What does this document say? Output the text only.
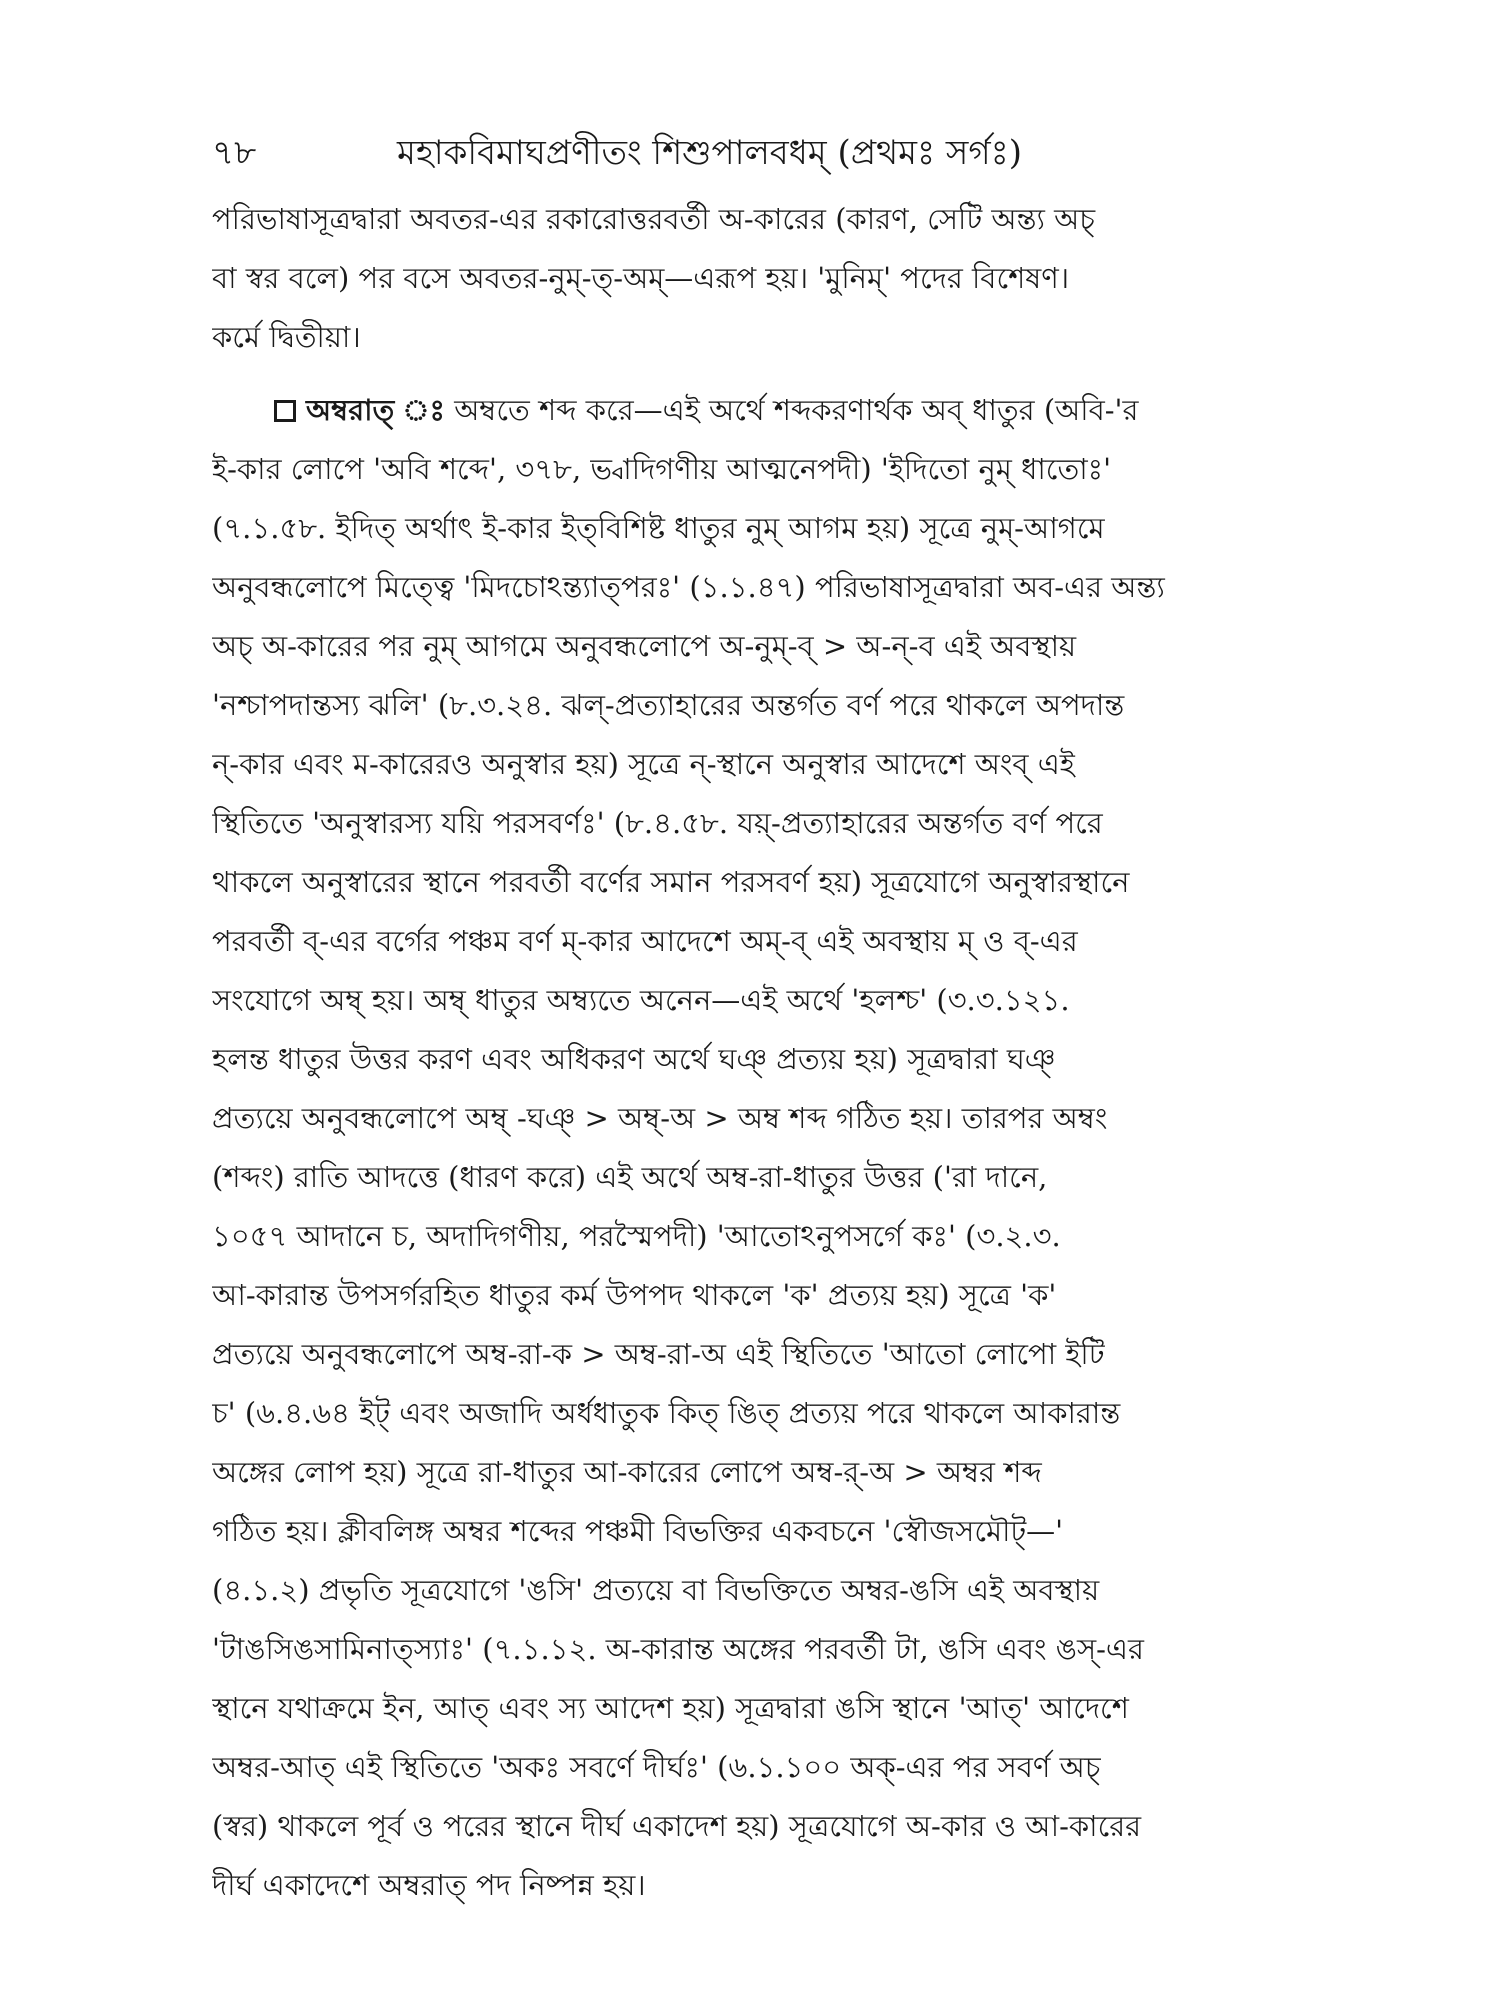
৭৮	মহাকবিমাঘপ্রণীতং শিশুপালবধম্ (প্রথমঃ সর্গঃ)
পরিভাষাসূত্রদ্বারা অবতর-এর রকারোত্তরবর্তী অ-কারের (কারণ, সেটি অন্ত্য অচ্
বা স্বর বলে) পর বসে অবতর-নুম্-ত্-অম্—এরূপ হয়। 'মুনিম্' পদের বিশেষণ।
কর্মে দ্বিতীয়া।
অম্বরাত্ ঃ অম্বতে শব্দ করে—এই অর্থে শব্দকরণার্থক অব্ ধাতুর (অবি-'র
ই-কার লোপে 'অবি শব্দে', ৩৭৮, ভ্বাদিগণীয় আত্মনেপদী) 'ইদিতো নুম্ ধাতোঃ'
(৭.১.৫৮. ইদিত্ অর্থাৎ ই-কার ইত্‌বিশিষ্ট ধাতুর নুম্ আগম হয়) সূত্রে নুম্-আগমে
অনুবন্ধলোপে মিত্ত্বে 'মিদচোঽন্ত্যাত্‌পরঃ' (১.১.৪৭) পরিভাষাসূত্রদ্বারা অব-এর অন্ত্য
অচ্ অ-কারের পর নুম্ আগমে অনুবন্ধলোপে অ-নুম্-ব্ > অ-ন্-ব এই অবস্থায়
'নশ্চাপদান্তস্য ঝলি' (৮.৩.২৪. ঝল্-প্রত্যাহারের অন্তর্গত বর্ণ পরে থাকলে অপদান্ত
ন্-কার এবং ম-কারেরও অনুস্বার হয়) সূত্রে ন্-স্থানে অনুস্বার আদেশে অংব্ এই
স্থিতিতে 'অনুস্বারস্য যয়ি পরসবর্ণঃ' (৮.৪.৫৮. যয়্-প্রত্যাহারের অন্তর্গত বর্ণ পরে
থাকলে অনুস্বারের স্থানে পরবর্তী বর্ণের সমান পরসবর্ণ হয়) সূত্রযোগে অনুস্বারস্থানে
পরবর্তী ব্-এর বর্গের পঞ্চম বর্ণ ম্-কার আদেশে অম্-ব্ এই অবস্থায় ম্ ও ব্-এর
সংযোগে অম্ব্ হয়। অম্ব্ ধাতুর অম্ব্যতে অনেন—এই অর্থে 'হলশ্চ' (৩.৩.১২১.
হলন্ত ধাতুর উত্তর করণ এবং অধিকরণ অর্থে ঘঞ্ প্রত্যয় হয়) সূত্রদ্বারা ঘঞ্
প্রত্যয়ে অনুবন্ধলোপে অম্ব্ -ঘঞ্ > অম্ব্-অ > অম্ব শব্দ গঠিত হয়। তারপর অম্বং
(শব্দং) রাতি আদত্তে (ধারণ করে) এই অর্থে অম্ব-রা-ধাতুর উত্তর ('রা দানে,
১০৫৭ আদানে চ, অদাদিগণীয়, পরস্মৈপদী) 'আতোঽনুপসর্গে কঃ' (৩.২.৩.
আ-কারান্ত উপসর্গরহিত ধাতুর কর্ম উপপদ থাকলে 'ক' প্রত্যয় হয়) সূত্রে 'ক'
প্রত্যয়ে অনুবন্ধলোপে অম্ব-রা-ক > অম্ব-রা-অ এই স্থিতিতে 'আতো লোপো ইটি
চ' (৬.৪.৬৪ ইট্ এবং অজাদি অর্ধধাতুক কিত্ ঙিত্ প্রত্যয় পরে থাকলে আকারান্ত
অঙ্গের লোপ হয়) সূত্রে রা-ধাতুর আ-কারের লোপে অম্ব-র্-অ > অম্বর শব্দ
গঠিত হয়। ক্লীবলিঙ্গ অম্বর শব্দের পঞ্চমী বিভক্তির একবচনে 'স্বৌজসমৌট্—'
(৪.১.২) প্রভৃতি সূত্রযোগে 'ঙসি' প্রত্যয়ে বা বিভক্তিতে অম্বর-ঙসি এই অবস্থায়
'টাঙসিঙসামিনাত্‌স্যাঃ' (৭.১.১২. অ-কারান্ত অঙ্গের পরবর্তী টা, ঙসি এবং ঙস্-এর
স্থানে যথাক্রমে ইন, আত্ এবং স্য আদেশ হয়) সূত্রদ্বারা ঙসি স্থানে 'আত্' আদেশে
অম্বর-আত্ এই স্থিতিতে 'অকঃ সবর্ণে দীর্ঘঃ' (৬.১.১০০ অক্-এর পর সবর্ণ অচ্
(স্বর) থাকলে পূর্ব ও পরের স্থানে দীর্ঘ একাদেশ হয়) সূত্রযোগে অ-কার ও আ-কারের
দীর্ঘ একাদেশে অম্বরাত্ পদ নিষ্পন্ন হয়।
